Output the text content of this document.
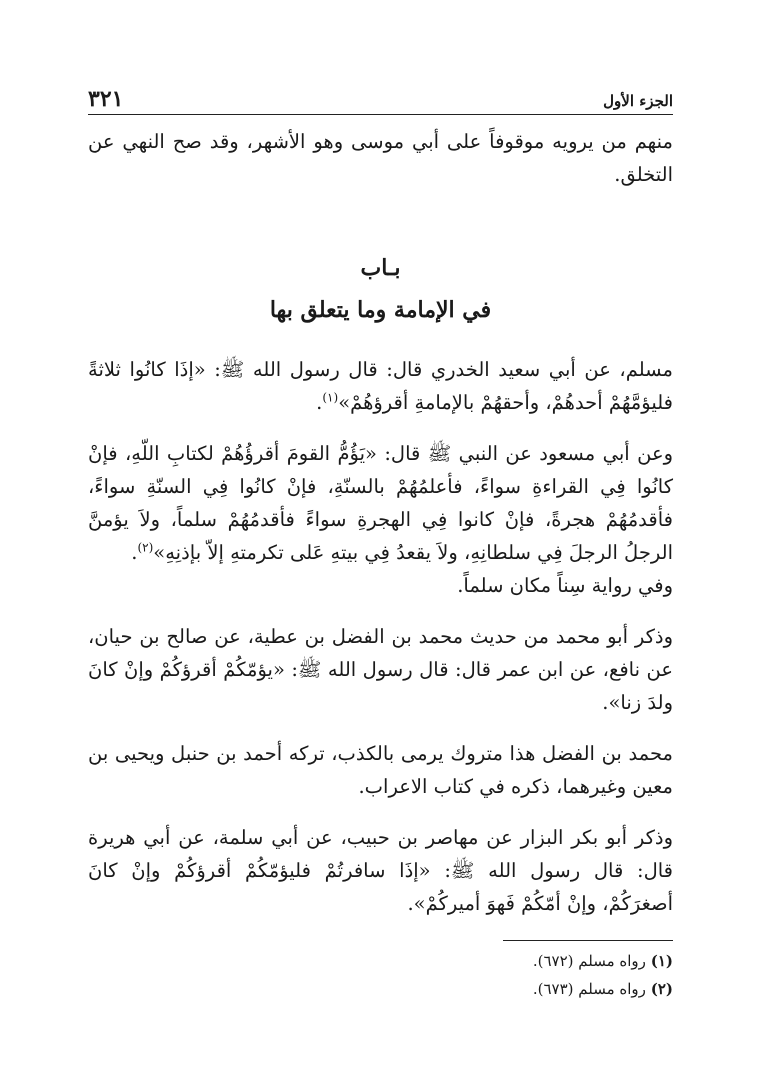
الجزء الأول
٣٢١

منهم من يرويه موقوفاً على أبي موسى وهو الأشهر، وقد صح النهي عن التخلق.

بـاب
في الإمامة وما يتعلق بها

مسلم، عن أبي سعيد الخدري قال: قال رسول الله ﷺ: «إذَا كانُوا ثلاثةً فليؤمَّهُمْ أحدهُمْ، وأحقهُمْ بالإمامةِ أقرؤهُمْ»$^{(١)}$.

وعن أبي مسعود عن النبي ﷺ قال: «يَؤُمُّ القومَ أقرؤُهُمْ لكتابِ اللّهِ، فإنْ كانُوا فِي القراءةِ سواءً، فأعلمُهُمْ بالسنّةِ، فإنْ كانُوا فِي السنّةِ سواءً، فأقدمُهُمْ هجرةً، فإنْ كانوا فِي الهجرةِ سواءً فأقدمُهُمْ سلماً، ولاَ يؤمنَّ الرجلُ الرجلَ فِي سلطانِهِ، ولاَ يقعدُ فِي بيتهِ عَلى تكرمتهِ إلاّ بإذنِهِ»$^{(٢)}$.

وفي رواية سِناً مكان سلماً.

وذكر أبو محمد من حديث محمد بن الفضل بن عطية، عن صالح بن حيان، عن نافع، عن ابن عمر قال: قال رسول الله ﷺ: «يؤمّكُمْ أقرؤكُمْ وإنْ كانَ ولدَ زنا».

محمد بن الفضل هذا متروك يرمى بالكذب، تركه أحمد بن حنبل ويحيى بن معين وغيرهما، ذكره في كتاب الاعراب.

وذكر أبو بكر البزار عن مهاصر بن حبيب، عن أبي سلمة، عن أبي هريرة قال: قال رسول الله ﷺ: «إذَا سافرتُمْ فليؤمّكُمْ أقرؤكُمْ وإنْ كانَ أصغرَكُمْ، وإنْ أمّكُمْ فَهوَ أميركُمْ».

(١) رواه مسلم (٦٧٢).
(٢) رواه مسلم (٦٧٣).
